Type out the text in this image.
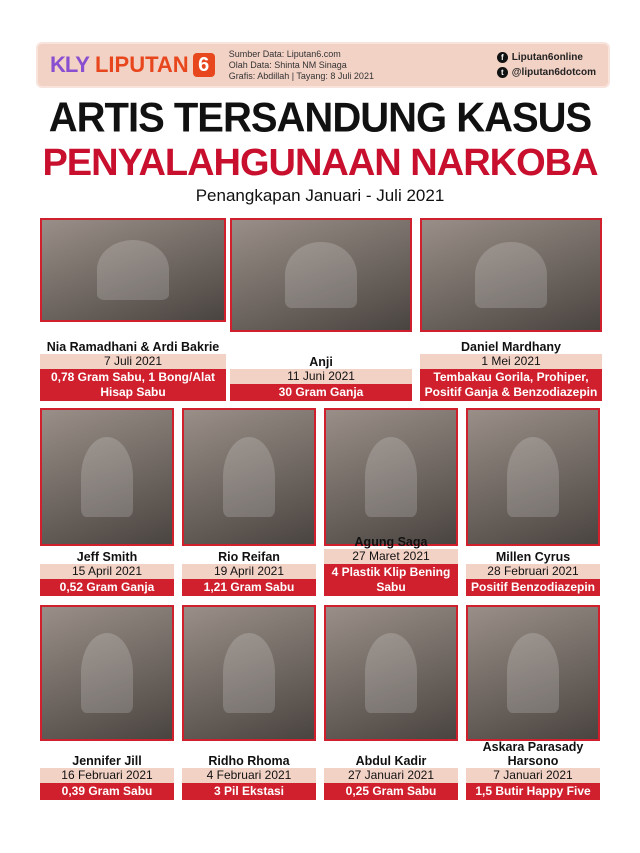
KLY LIPUTAN 6
Sumber Data: Liputan6.com
Olah Data: Shinta NM Sinaga
Grafis: Abdillah | Tayang: 8 Juli 2021
f Liputan6online
t @liputan6dotcom
ARTIS TERSANDUNG KASUS
PENYALAHGUNAAN NARKOBA
Penangkapan Januari - Juli 2021
Nia Ramadhani & Ardi Bakrie
7 Juli 2021
0,78 Gram Sabu, 1 Bong/Alat Hisap Sabu
Anji
11 Juni 2021
30 Gram Ganja
Daniel Mardhany
1 Mei 2021
Tembakau Gorila, Prohiper, Positif Ganja & Benzodiazepin
Jeff Smith
15 April 2021
0,52 Gram Ganja
Rio Reifan
19 April 2021
1,21 Gram Sabu
Agung Saga
27 Maret 2021
4 Plastik Klip Bening Sabu
Millen Cyrus
28 Februari 2021
Positif Benzodiazepin
Jennifer Jill
16 Februari 2021
0,39 Gram Sabu
Ridho Rhoma
4 Februari 2021
3 Pil Ekstasi
Abdul Kadir
27 Januari 2021
0,25 Gram Sabu
Askara Parasady Harsono
7 Januari 2021
1,5 Butir Happy Five
